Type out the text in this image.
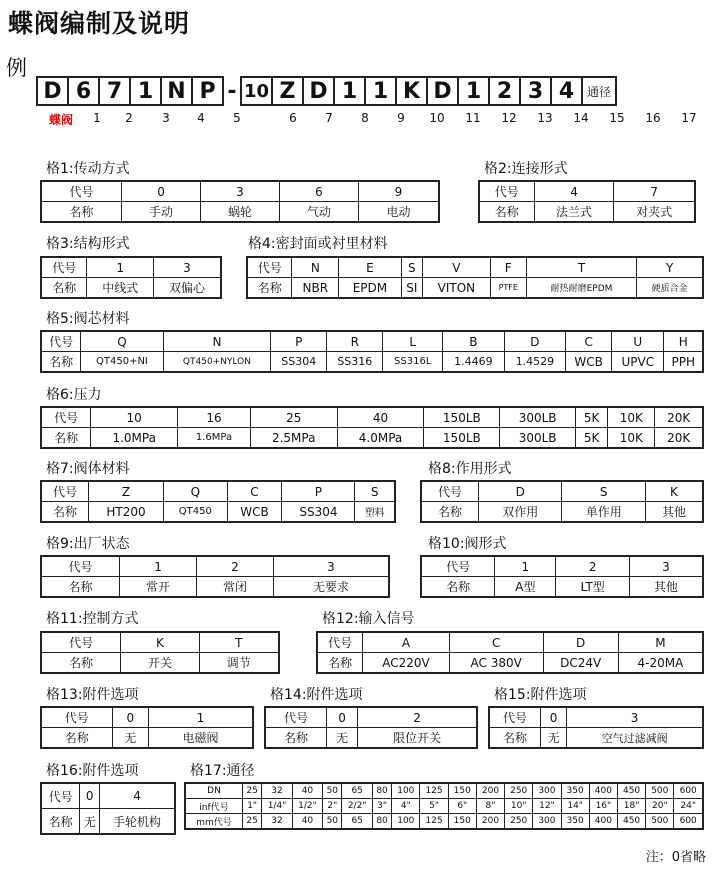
蝶阀编制及说明
例
D 6 7 1 N P - 10 Z D 1 1 K D 1 2 3 4	通径
蝶阀	1	2	3	4	5	6	7	8	9	10 11 12 13 14 15 16 17
格1:传动方式
代号	0	3	6	9
名称	手动	蜗轮	气动	电动
格2:连接形式
代号	4	7
名称	法兰式	对夹式
格3:结构形式
代号	1	3
名称	中线式	双偏心
格4:密封面或衬里材料
代号	N	E	S	V	F	T	Y
名称	NBR	EPDM	SI	VITON	PTFE	耐热耐磨EPDM	硬质合金
格5:阀芯材料
代号	Q	N	P	R	L	B	D	C	U	H
名称	QT450+NI	QT450+NYLON	SS304	SS316	SS316L	1.4469	1.4529	WCB	UPVC	PPH
格6:压力
代号	10	16	25	40	150LB	300LB	5K	10K	20K
名称	1.0MPa	1.6MPa	2.5MPa	4.0MPa	150LB	300LB	5K	10K	20K
格7:阀体材料
代号	Z	Q	C	P	S
名称	HT200	QT450	WCB	SS304	塑料
格8:作用形式
代号	D	S	K
名称	双作用	单作用	其他
格9:出厂状态
代号	1	2	3
名称	常开	常闭	无要求
格10:阀形式
代号	1	2	3
名称	A型	LT型	其他
格11:控制方式
代号	K	T
名称	开关	调节
格12:输入信号
代号	A	C	D	M
名称	AC220V	AC 380V	DC24V	4-20MA
格13:附件选项
代号	0	1
名称	无	电磁阀
格14:附件选项
代号	0	2
名称	无	限位开关
格15:附件选项
代号	0	3
名称	无	空气过滤减阀
格16:附件选项
代号	0	4
名称	无	手轮机构
格17:通径
DN	25	32	40	50	65	80	100	125	150	200	250	300	350	400	450	500	600
inf代号	1"	1/4"	1/2"	2"	2/2"	3"	4"	5"	6"	8"	10"	12"	14"	16"	18"	20"	24"
mm代号	25	32	40	50	65	80	100	125	150	200	250	300	350	400	450	500	600
注：0省略
